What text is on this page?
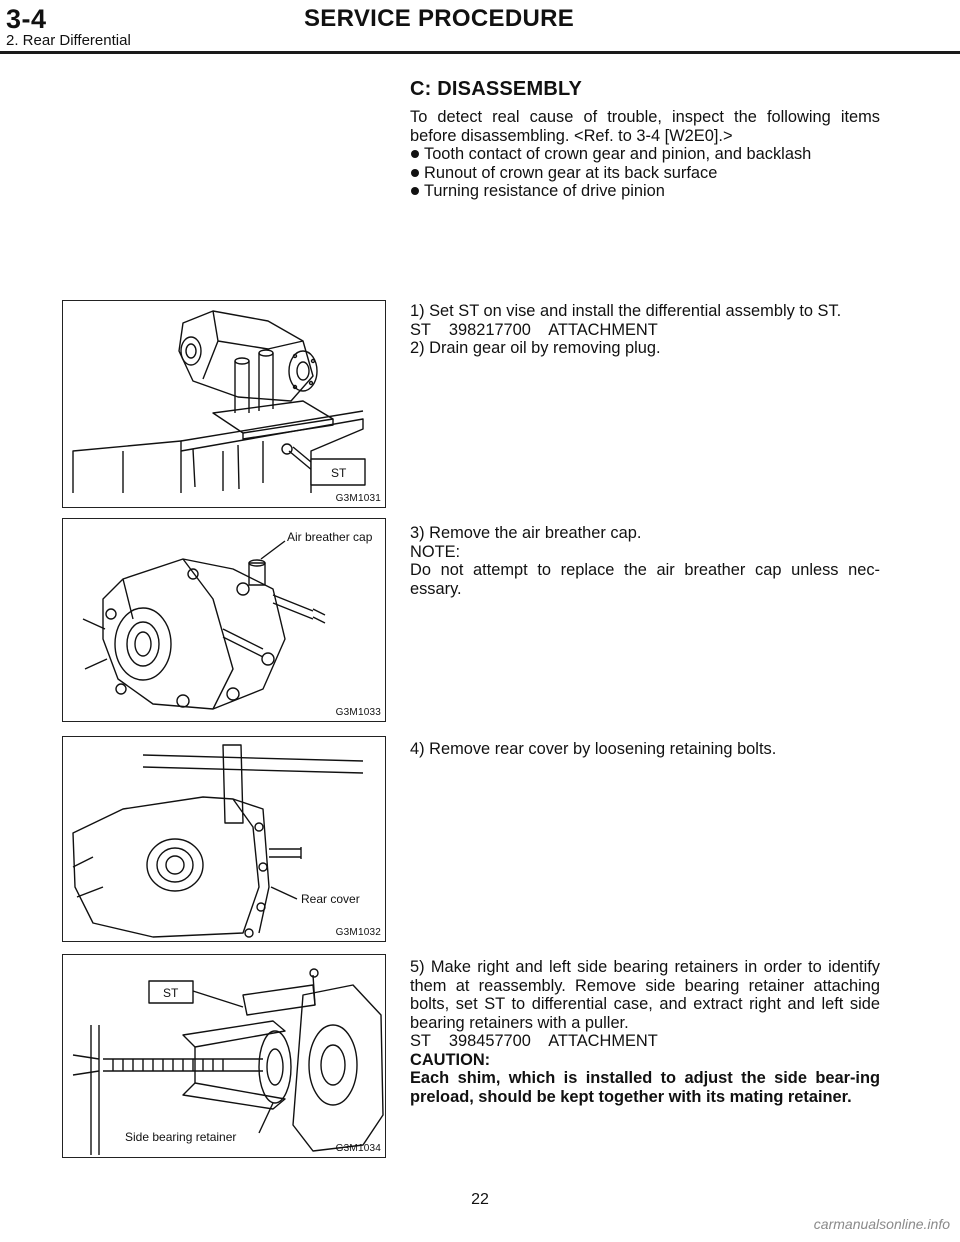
3-4	SERVICE PROCEDURE
2. Rear Differential
C: DISASSEMBLY

To detect real cause of trouble, inspect the following items before disassembling. <Ref. to 3-4 [W2E0].>

Tooth contact of crown gear and pinion, and backlash

Runout of crown gear at its back surface

Turning resistance of drive pinion

ST
G3M1031

1) Set ST on vise and install the differential assembly to ST.

ST    398217700    ATTACHMENT

2) Drain gear oil by removing plug.

Air breather cap
G3M1033

3) Remove the air breather cap.

NOTE:

Do not attempt to replace the air breather cap unless nec-essary.

Rear cover
G3M1032

4) Remove rear cover by loosening retaining bolts.

ST
Side bearing retainer
G3M1034

5) Make right and left side bearing retainers in order to identify them at reassembly. Remove side bearing retainer attaching bolts, set ST to differential case, and extract right and left side bearing retainers with a puller.

ST    398457700    ATTACHMENT

CAUTION:

Each shim, which is installed to adjust the side bear-ing preload, should be kept together with its mating retainer.

22
carmanualsonline.info
